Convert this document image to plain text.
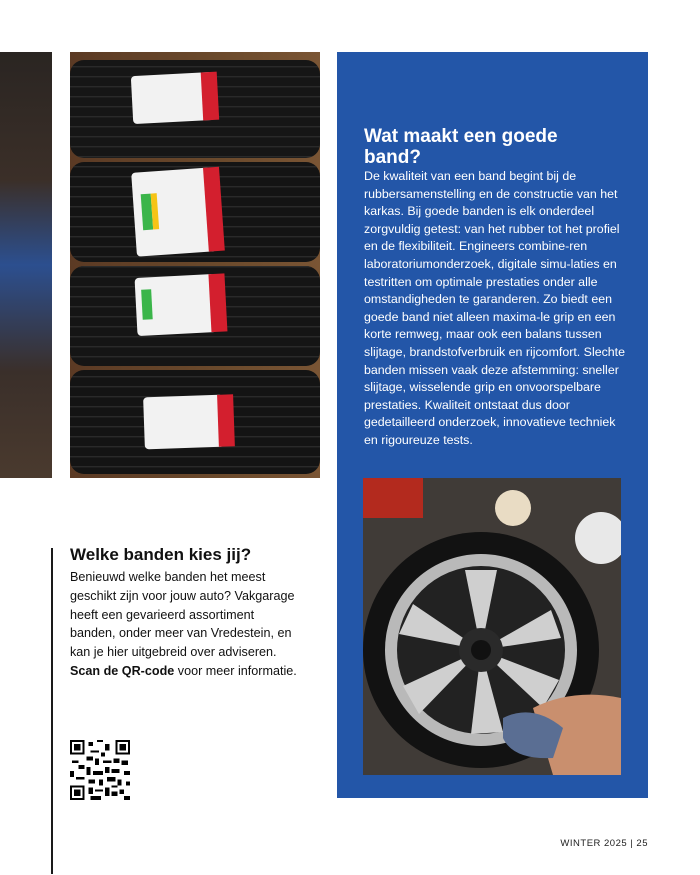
Wat maakt een goede band?
De kwaliteit van een band begint bij de rubbersamenstelling en de constructie van het karkas. Bij goede banden is elk onderdeel zorgvuldig getest: van het rubber tot het profiel en de flexibiliteit. Engineers combine-ren laboratoriumonderzoek, digitale simu-laties en testritten om optimale prestaties onder alle omstandigheden te garanderen. Zo biedt een goede band niet alleen maxima-le grip en een korte remweg, maar ook een balans tussen slijtage, brandstofverbruik en rijcomfort. Slechte banden missen vaak deze afstemming: sneller slijtage, wisselende grip en onvoorspelbare prestaties. Kwaliteit ontstaat dus door gedetailleerd onderzoek, innovatieve techniek en rigoureuze tests.
Welke banden kies jij?
Benieuwd welke banden het meest geschikt zijn voor jouw auto? Vakgarage heeft een gevarieerd assortiment banden, onder meer van Vredestein, en kan je hier uitgebreid over adviseren. Scan de QR-code voor meer informatie.
WINTER 2025 | 25
